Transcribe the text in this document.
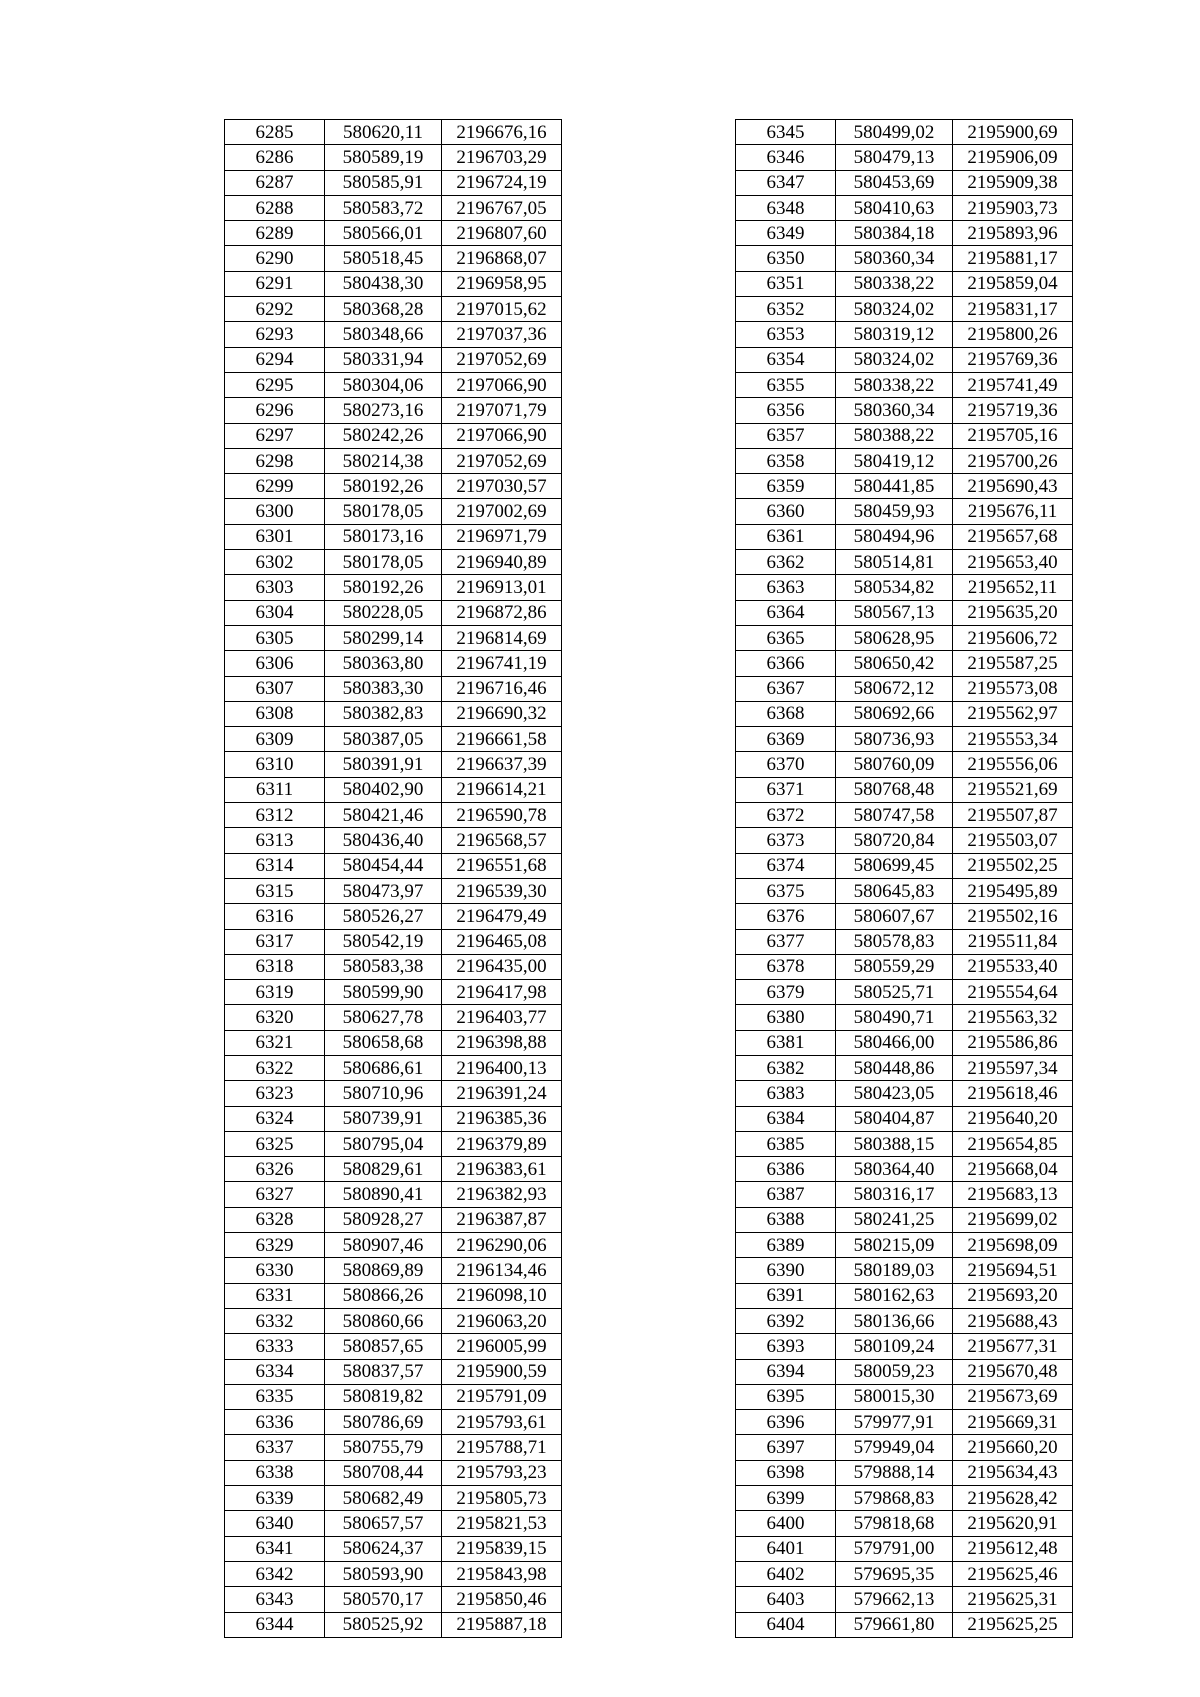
6285	580620,11	2196676,16
6286	580589,19	2196703,29
6287	580585,91	2196724,19
6288	580583,72	2196767,05
6289	580566,01	2196807,60
6290	580518,45	2196868,07
6291	580438,30	2196958,95
6292	580368,28	2197015,62
6293	580348,66	2197037,36
6294	580331,94	2197052,69
6295	580304,06	2197066,90
6296	580273,16	2197071,79
6297	580242,26	2197066,90
6298	580214,38	2197052,69
6299	580192,26	2197030,57
6300	580178,05	2197002,69
6301	580173,16	2196971,79
6302	580178,05	2196940,89
6303	580192,26	2196913,01
6304	580228,05	2196872,86
6305	580299,14	2196814,69
6306	580363,80	2196741,19
6307	580383,30	2196716,46
6308	580382,83	2196690,32
6309	580387,05	2196661,58
6310	580391,91	2196637,39
6311	580402,90	2196614,21
6312	580421,46	2196590,78
6313	580436,40	2196568,57
6314	580454,44	2196551,68
6315	580473,97	2196539,30
6316	580526,27	2196479,49
6317	580542,19	2196465,08
6318	580583,38	2196435,00
6319	580599,90	2196417,98
6320	580627,78	2196403,77
6321	580658,68	2196398,88
6322	580686,61	2196400,13
6323	580710,96	2196391,24
6324	580739,91	2196385,36
6325	580795,04	2196379,89
6326	580829,61	2196383,61
6327	580890,41	2196382,93
6328	580928,27	2196387,87
6329	580907,46	2196290,06
6330	580869,89	2196134,46
6331	580866,26	2196098,10
6332	580860,66	2196063,20
6333	580857,65	2196005,99
6334	580837,57	2195900,59
6335	580819,82	2195791,09
6336	580786,69	2195793,61
6337	580755,79	2195788,71
6338	580708,44	2195793,23
6339	580682,49	2195805,73
6340	580657,57	2195821,53
6341	580624,37	2195839,15
6342	580593,90	2195843,98
6343	580570,17	2195850,46
6344	580525,92	2195887,18
6345	580499,02	2195900,69
6346	580479,13	2195906,09
6347	580453,69	2195909,38
6348	580410,63	2195903,73
6349	580384,18	2195893,96
6350	580360,34	2195881,17
6351	580338,22	2195859,04
6352	580324,02	2195831,17
6353	580319,12	2195800,26
6354	580324,02	2195769,36
6355	580338,22	2195741,49
6356	580360,34	2195719,36
6357	580388,22	2195705,16
6358	580419,12	2195700,26
6359	580441,85	2195690,43
6360	580459,93	2195676,11
6361	580494,96	2195657,68
6362	580514,81	2195653,40
6363	580534,82	2195652,11
6364	580567,13	2195635,20
6365	580628,95	2195606,72
6366	580650,42	2195587,25
6367	580672,12	2195573,08
6368	580692,66	2195562,97
6369	580736,93	2195553,34
6370	580760,09	2195556,06
6371	580768,48	2195521,69
6372	580747,58	2195507,87
6373	580720,84	2195503,07
6374	580699,45	2195502,25
6375	580645,83	2195495,89
6376	580607,67	2195502,16
6377	580578,83	2195511,84
6378	580559,29	2195533,40
6379	580525,71	2195554,64
6380	580490,71	2195563,32
6381	580466,00	2195586,86
6382	580448,86	2195597,34
6383	580423,05	2195618,46
6384	580404,87	2195640,20
6385	580388,15	2195654,85
6386	580364,40	2195668,04
6387	580316,17	2195683,13
6388	580241,25	2195699,02
6389	580215,09	2195698,09
6390	580189,03	2195694,51
6391	580162,63	2195693,20
6392	580136,66	2195688,43
6393	580109,24	2195677,31
6394	580059,23	2195670,48
6395	580015,30	2195673,69
6396	579977,91	2195669,31
6397	579949,04	2195660,20
6398	579888,14	2195634,43
6399	579868,83	2195628,42
6400	579818,68	2195620,91
6401	579791,00	2195612,48
6402	579695,35	2195625,46
6403	579662,13	2195625,31
6404	579661,80	2195625,25
